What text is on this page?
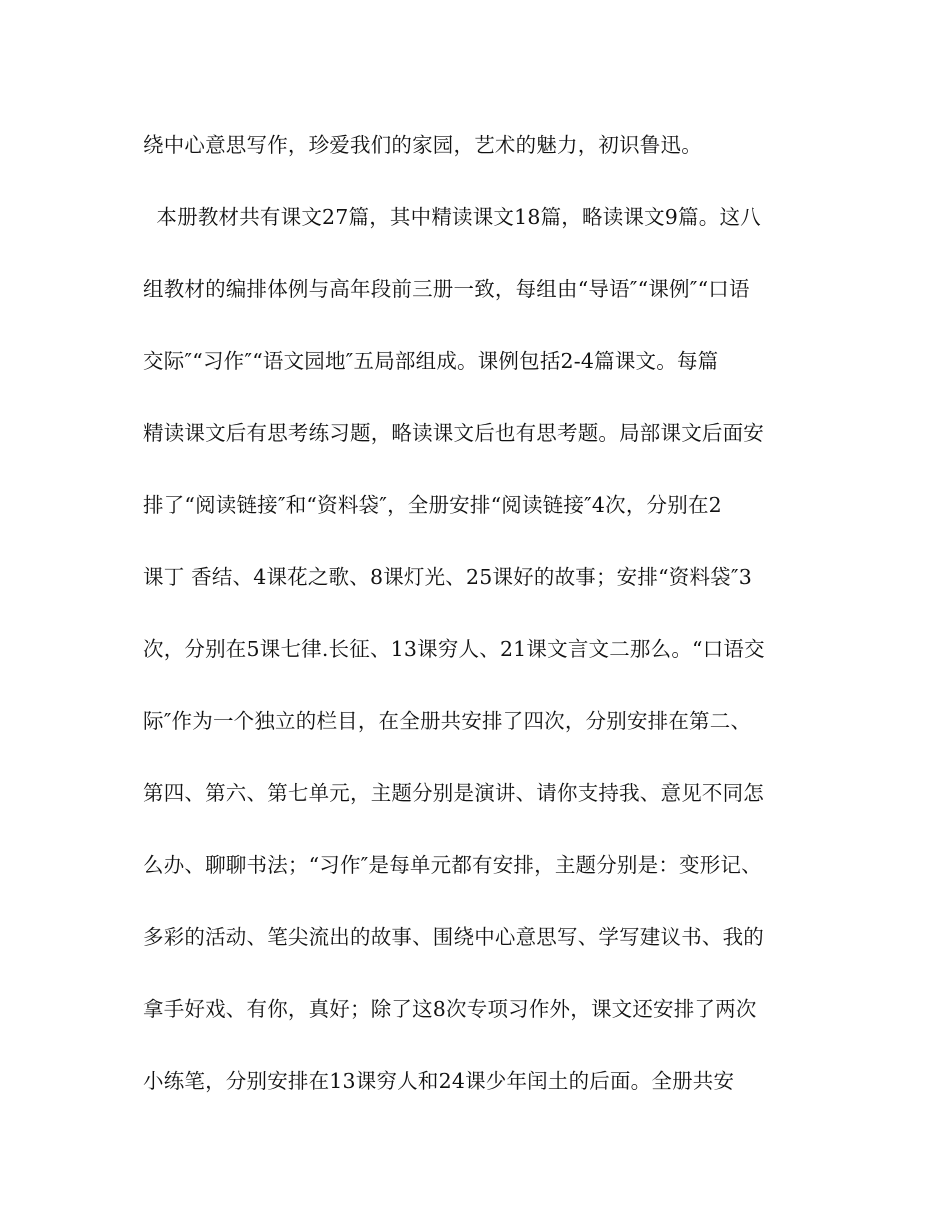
绕中心意思写作，珍爱我们的家园，艺术的魅力，初识鲁迅。
本册教材共有课文27篇，其中精读课文18篇，略读课文9篇。这八
组教材的编排体例与高年段前三册一致，每组由“导语″“课例″“口语
交际″“习作″“语文园地″五局部组成。课例包括2-4篇课文。每篇
精读课文后有思考练习题，略读课文后也有思考题。局部课文后面安
排了“阅读链接″和“资料袋″，全册安排“阅读链接″4次，分别在2
课丁 香结、4课花之歌、8课灯光、25课好的故事；安排“资料袋″3
次，分别在5课七律.长征、13课穷人、21课文言文二那么。“口语交
际″作为一个独立的栏目，在全册共安排了四次，分别安排在第二、
第四、第六、第七单元，主题分别是演讲、请你支持我、意见不同怎
么办、聊聊书法；“习作″是每单元都有安排，主题分别是：变形记、
多彩的活动、笔尖流出的故事、围绕中心意思写、学写建议书、我的
拿手好戏、有你，真好；除了这8次专项习作外，课文还安排了两次
小练笔，分别安排在13课穷人和24课少年闰土的后面。全册共安
